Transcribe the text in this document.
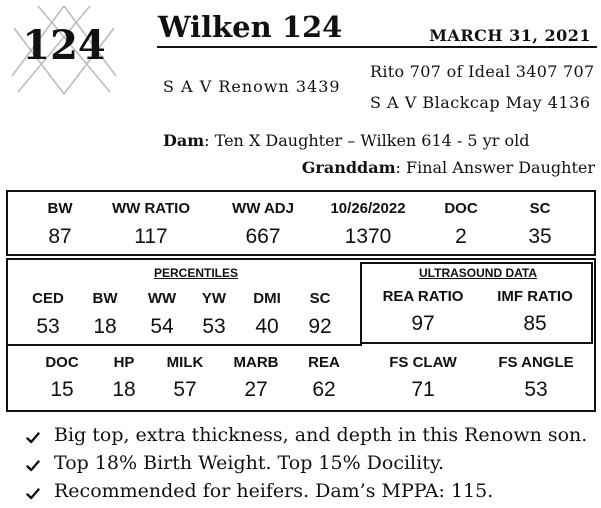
124	Wilken 124	MARCH 31, 2021
S A V Renown 3439
Rito 707 of Ideal 3407 707
S A V Blackcap May 4136
Dam: Ten X Daughter – Wilken 614 - 5 yr old
Granddam: Final Answer Daughter
BW	WW RATIO	WW ADJ 10/26/2022	DOC	SC
87	117	667	1370	2	35
PERCENTILES
CED BW WW YW DMI SC
53 18 54 53 40 92
ULTRASOUND DATA
REA RATIO IMF RATIO
97	85
DOC HP MILK MARB REA
15 18 57 27 62
FS CLAW	FS ANGLE
71	53
Big top, extra thickness, and depth in this Renown son.
Top 18% Birth Weight. Top 15% Docility.
Recommended for heifers. Dam’s MPPA: 115.
